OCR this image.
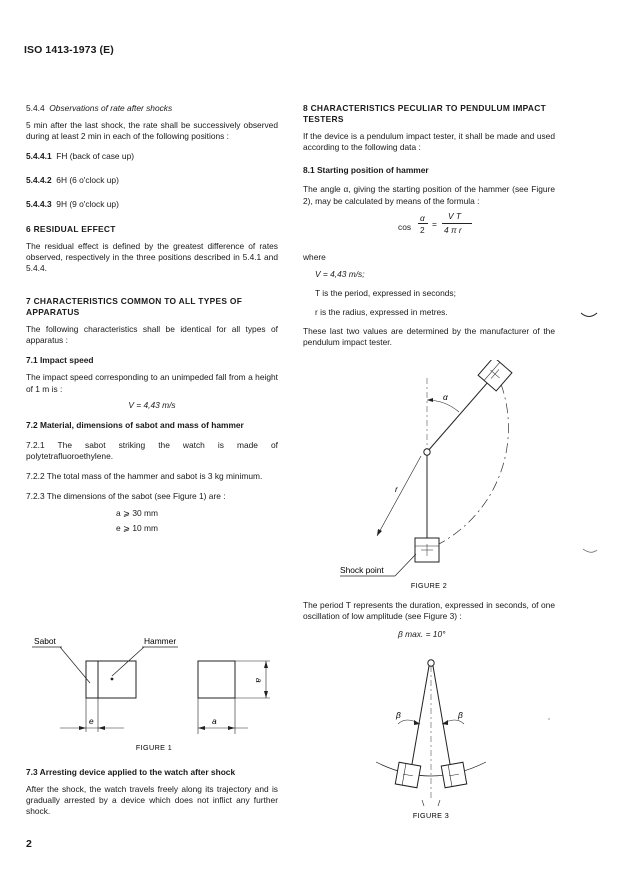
ISO 1413-1973 (E)
5.4.4 Observations of rate after shocks

5 min after the last shock, the rate shall be successively observed during at least 2 min in each of the following positions :

5.4.4.1 FH (back of case up)

5.4.4.2 6H (6 o'clock up)

5.4.4.3 9H (9 o'clock up)

6 RESIDUAL EFFECT

The residual effect is defined by the greatest difference of rates observed, respectively in the three positions described in 5.4.1 and 5.4.4.

7 CHARACTERISTICS COMMON TO ALL TYPES OF APPARATUS

The following characteristics shall be identical for all types of apparatus :

7.1 Impact speed

The impact speed corresponding to an unimpeded fall from a height of 1 m is :

V = 4,43 m/s
7.2 Material, dimensions of sabot and mass of hammer

7.2.1 The sabot striking the watch is made of polytetrafluoroethylene.

7.2.2 The total mass of the hammer and sabot is 3 kg minimum.

7.2.3 The dimensions of the sabot (see Figure 1) are :

a ⩾ 30 mm
e ⩾ 10 mm
Sabot	Hammer
e
a
a
FIGURE 1
7.3 Arresting device applied to the watch after shock

After the shock, the watch travels freely along its trajectory and is gradually arrested by a device which does not inflict any further shock.

8 CHARACTERISTICS PECULIAR TO PENDULUM IMPACT TESTERS

If the device is a pendulum impact tester, it shall be made and used according to the following data :

8.1 Starting position of hammer

The angle α, giving the starting position of the hammer (see Figure 2), may be calculated by means of the formula :

cos
α
2
=
V T
4 π r
where
V = 4,43 m/s;
T is the period, expressed in seconds;
r is the radius, expressed in metres.

These last two values are determined by the manufacturer of the pendulum impact tester.

α
r
Shock point
FIGURE 2

The period T represents the duration, expressed in seconds, of one oscillation of low amplitude (see Figure 3) :

β max. = 10°
β	β
FIGURE 3
2
